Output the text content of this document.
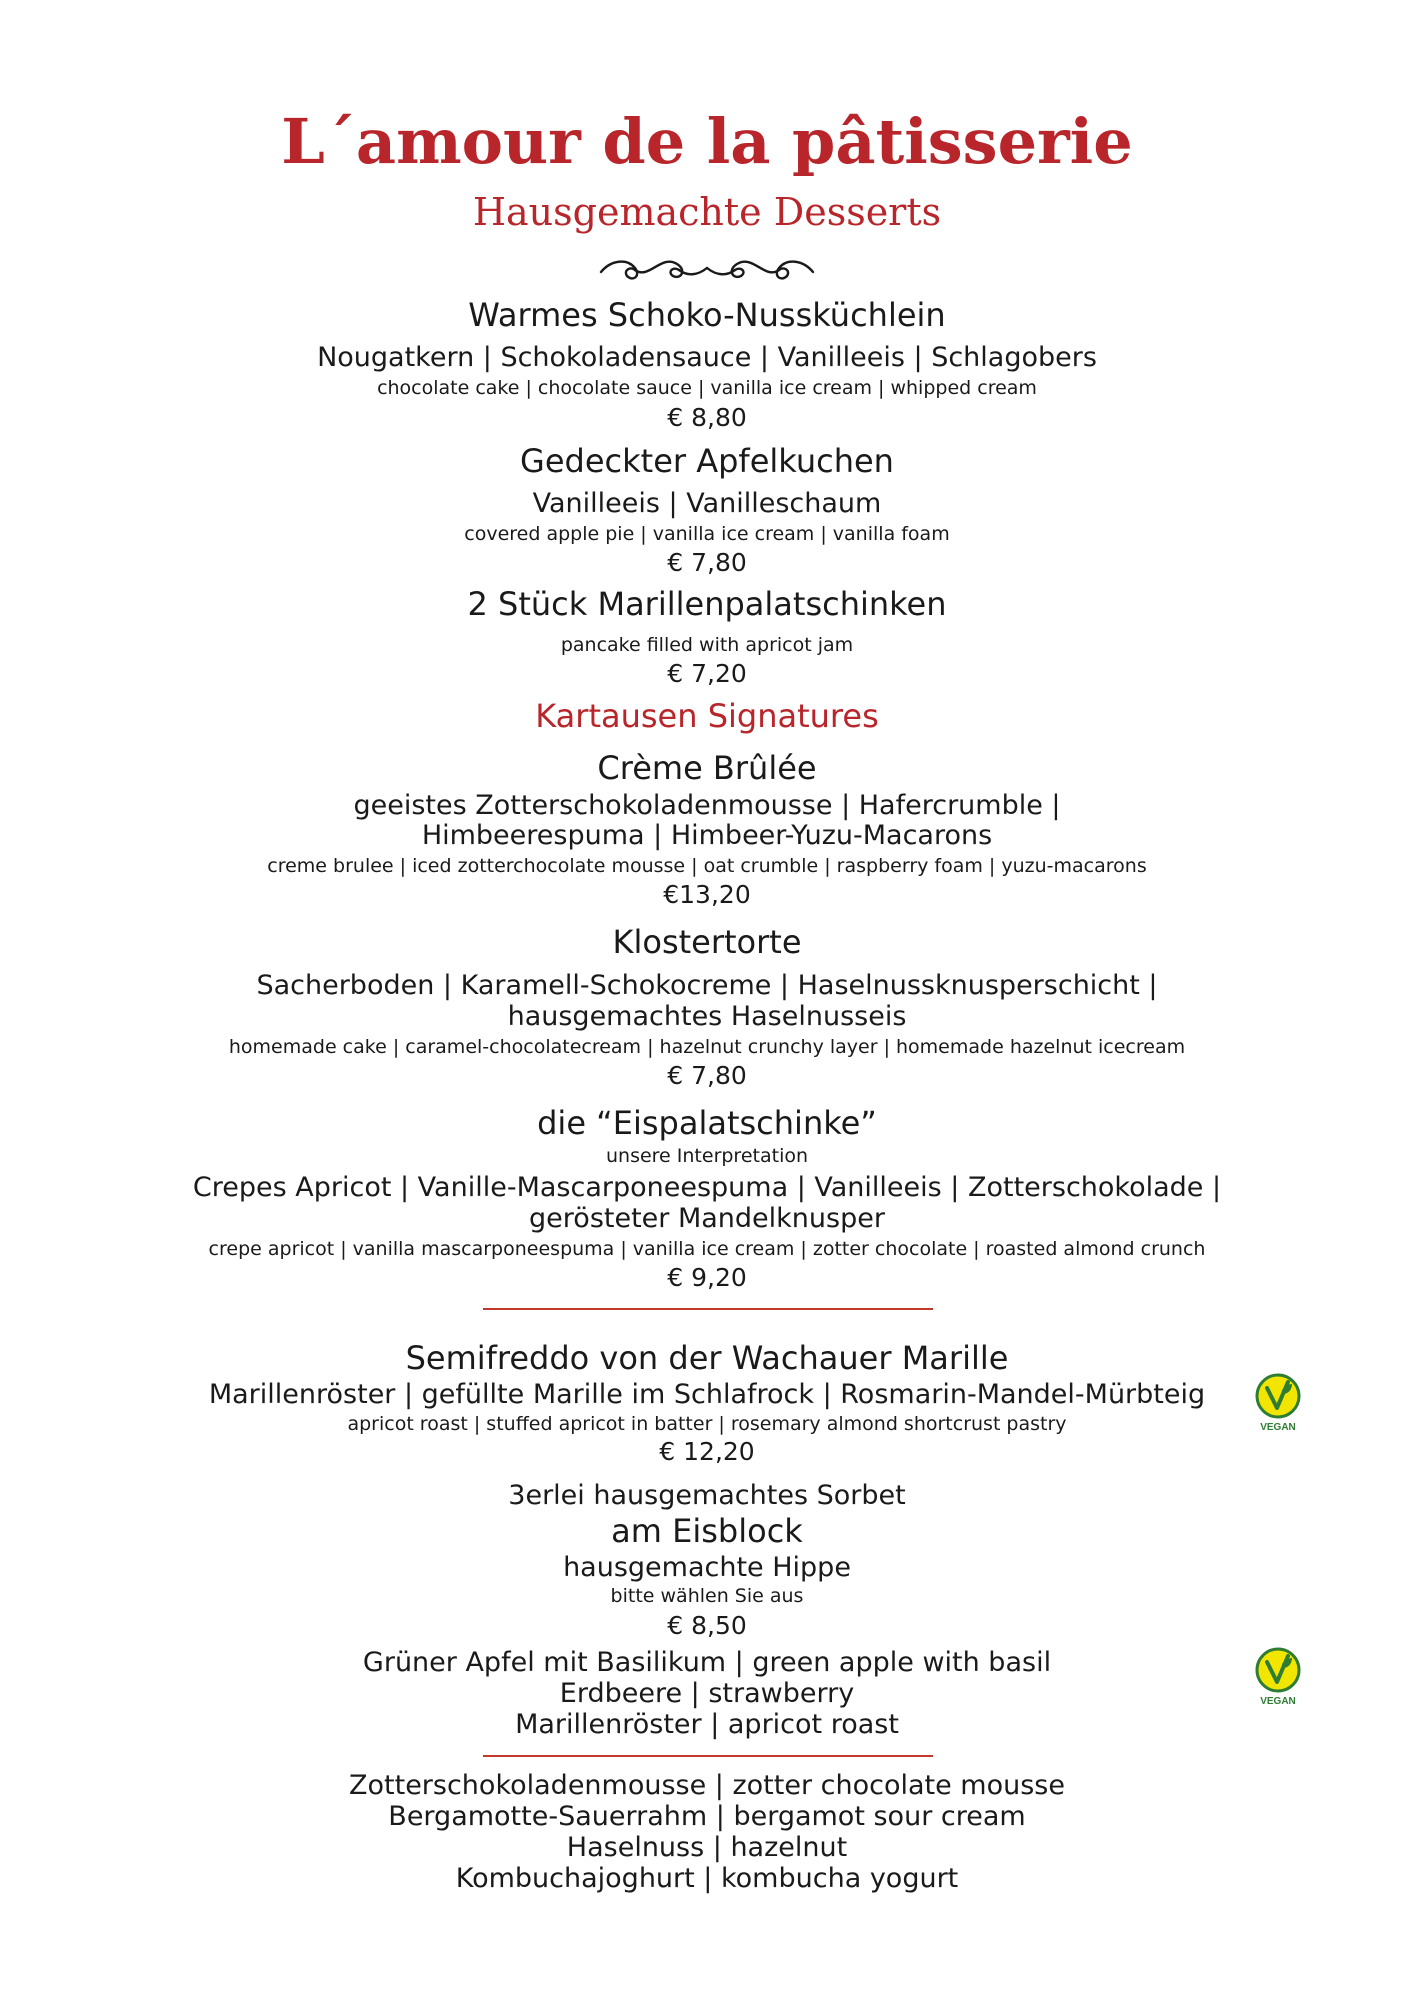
L´amour de la pâtisserie
Hausgemachte Desserts
Warmes Schoko-Nussküchlein
Nougatkern | Schokoladensauce | Vanilleeis | Schlagobers
chocolate cake | chocolate sauce | vanilla ice cream | whipped cream
€ 8,80
Gedeckter Apfelkuchen
Vanilleeis | Vanilleschaum
covered apple pie | vanilla ice cream | vanilla foam
€ 7,80
2 Stück Marillenpalatschinken
pancake filled with apricot jam
€ 7,20
Kartausen Signatures
Crème Brûlée
geeistes Zotterschokoladenmousse | Hafercrumble |
Himbeerespuma | Himbeer-Yuzu-Macarons
creme brulee | iced zotterchocolate mousse | oat crumble | raspberry foam | yuzu-macarons
€13,20
Klostertorte
Sacherboden | Karamell-Schokocreme | Haselnussknusperschicht |
hausgemachtes Haselnusseis
homemade cake | caramel-chocolatecream | hazelnut crunchy layer | homemade hazelnut icecream
€ 7,80
die “Eispalatschinke”
unsere Interpretation
Crepes Apricot | Vanille-Mascarponeespuma | Vanilleeis | Zotterschokolade |
gerösteter Mandelknusper
crepe apricot | vanilla mascarponeespuma | vanilla ice cream | zotter chocolate | roasted almond crunch
€ 9,20
Semifreddo von der Wachauer Marille
Marillenröster | gefüllte Marille im Schlafrock | Rosmarin-Mandel-Mürbteig
apricot roast | stuffed apricot in batter | rosemary almond shortcrust pastry
€ 12,20
VEGAN
3erlei hausgemachtes Sorbet
am Eisblock
hausgemachte Hippe
bitte wählen Sie aus
€ 8,50
Grüner Apfel mit Basilikum | green apple with basil
Erdbeere | strawberry
Marillenröster | apricot roast
VEGAN
Zotterschokoladenmousse | zotter chocolate mousse
Bergamotte-Sauerrahm | bergamot sour cream
Haselnuss | hazelnut
Kombuchajoghurt | kombucha yogurt
